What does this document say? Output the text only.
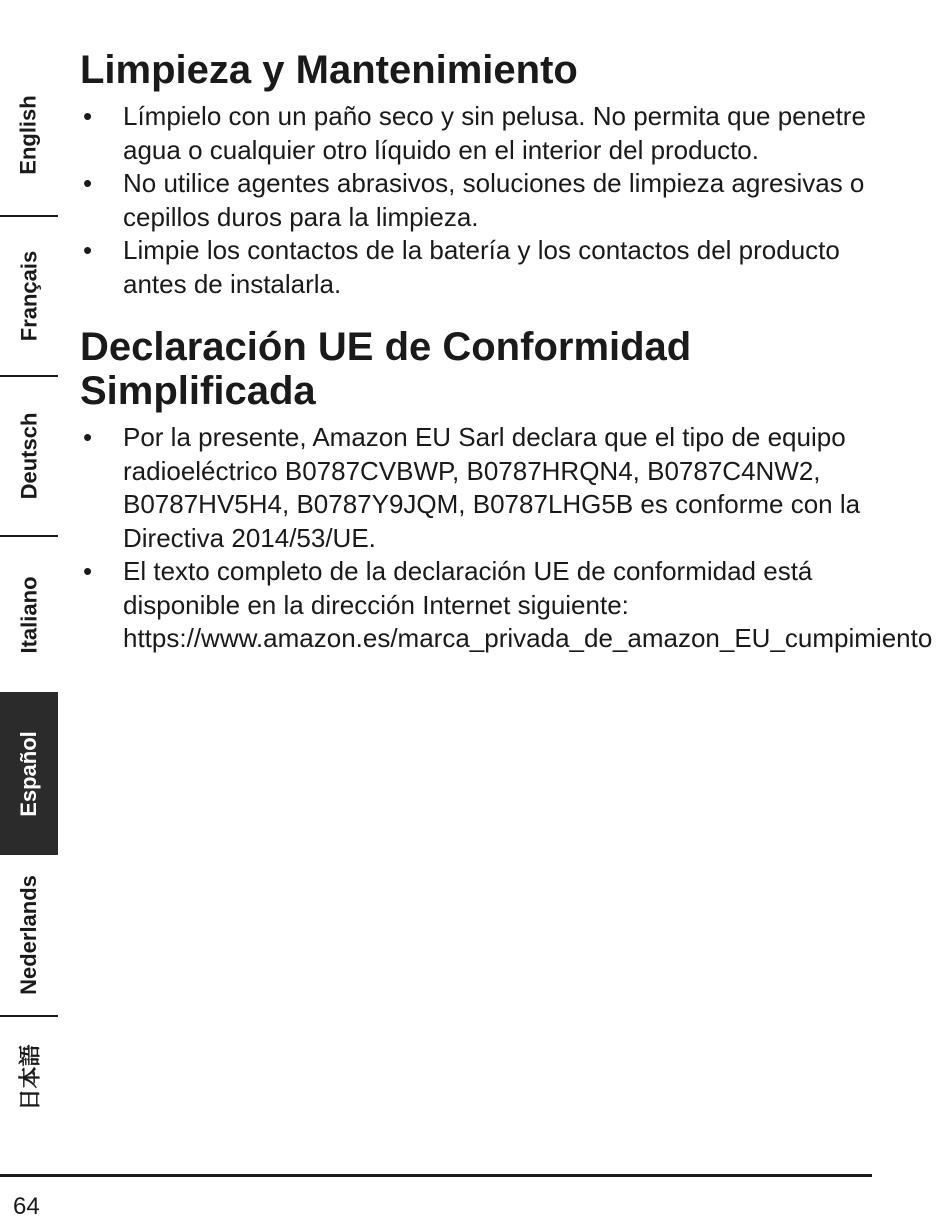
English
Français
Deutsch
Italiano
Español
Nederlands
日本語
Limpieza y Mantenimiento
• Límpielo con un paño seco y sin pelusa. No permita que penetre agua o cualquier otro líquido en el interior del producto.
• No utilice agentes abrasivos, soluciones de limpieza agresivas o cepillos duros para la limpieza.
• Limpie los contactos de la batería y los contactos del producto antes de instalarla.
Declaración UE de Conformidad Simplificada
• Por la presente, Amazon EU Sarl declara que el tipo de equipo radioeléctrico B0787CVBWP, B0787HRQN4, B0787C4NW2, B0787HV5H4, B0787Y9JQM, B0787LHG5B es conforme con la Directiva 2014/53/UE.
• El texto completo de la declaración UE de conformidad está disponible en la dirección Internet siguiente: https://www.amazon.es/marca_privada_de_amazon_EU_cumpimiento
64
